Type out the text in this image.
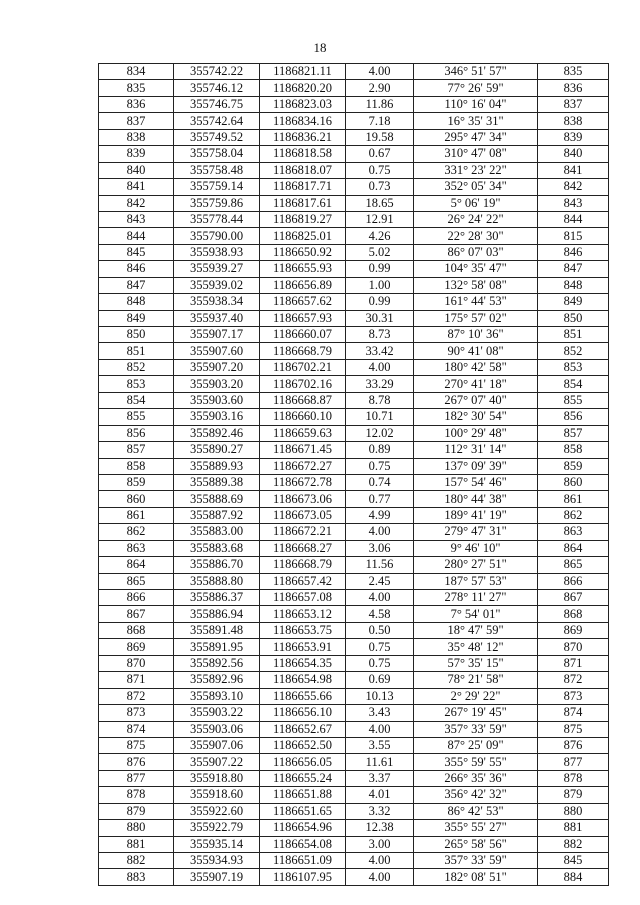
18
834	355742.22	1186821.11	4.00	346° 51' 57"	835
835	355746.12	1186820.20	2.90	77° 26' 59"	836
836	355746.75	1186823.03	11.86	110° 16' 04"	837
837	355742.64	1186834.16	7.18	16° 35' 31"	838
838	355749.52	1186836.21	19.58	295° 47' 34"	839
839	355758.04	1186818.58	0.67	310° 47' 08"	840
840	355758.48	1186818.07	0.75	331° 23' 22"	841
841	355759.14	1186817.71	0.73	352° 05' 34"	842
842	355759.86	1186817.61	18.65	5° 06' 19"	843
843	355778.44	1186819.27	12.91	26° 24' 22"	844
844	355790.00	1186825.01	4.26	22° 28' 30"	815
845	355938.93	1186650.92	5.02	86° 07' 03"	846
846	355939.27	1186655.93	0.99	104° 35' 47"	847
847	355939.02	1186656.89	1.00	132° 58' 08"	848
848	355938.34	1186657.62	0.99	161° 44' 53"	849
849	355937.40	1186657.93	30.31	175° 57' 02"	850
850	355907.17	1186660.07	8.73	87° 10' 36"	851
851	355907.60	1186668.79	33.42	90° 41' 08"	852
852	355907.20	1186702.21	4.00	180° 42' 58"	853
853	355903.20	1186702.16	33.29	270° 41' 18"	854
854	355903.60	1186668.87	8.78	267° 07' 40"	855
855	355903.16	1186660.10	10.71	182° 30' 54"	856
856	355892.46	1186659.63	12.02	100° 29' 48"	857
857	355890.27	1186671.45	0.89	112° 31' 14"	858
858	355889.93	1186672.27	0.75	137° 09' 39"	859
859	355889.38	1186672.78	0.74	157° 54' 46"	860
860	355888.69	1186673.06	0.77	180° 44' 38"	861
861	355887.92	1186673.05	4.99	189° 41' 19"	862
862	355883.00	1186672.21	4.00	279° 47' 31"	863
863	355883.68	1186668.27	3.06	9° 46' 10"	864
864	355886.70	1186668.79	11.56	280° 27' 51"	865
865	355888.80	1186657.42	2.45	187° 57' 53"	866
866	355886.37	1186657.08	4.00	278° 11' 27"	867
867	355886.94	1186653.12	4.58	7° 54' 01"	868
868	355891.48	1186653.75	0.50	18° 47' 59"	869
869	355891.95	1186653.91	0.75	35° 48' 12"	870
870	355892.56	1186654.35	0.75	57° 35' 15"	871
871	355892.96	1186654.98	0.69	78° 21' 58"	872
872	355893.10	1186655.66	10.13	2° 29' 22"	873
873	355903.22	1186656.10	3.43	267° 19' 45"	874
874	355903.06	1186652.67	4.00	357° 33' 59"	875
875	355907.06	1186652.50	3.55	87° 25' 09"	876
876	355907.22	1186656.05	11.61	355° 59' 55"	877
877	355918.80	1186655.24	3.37	266° 35' 36"	878
878	355918.60	1186651.88	4.01	356° 42' 32"	879
879	355922.60	1186651.65	3.32	86° 42' 53"	880
880	355922.79	1186654.96	12.38	355° 55' 27"	881
881	355935.14	1186654.08	3.00	265° 58' 56"	882
882	355934.93	1186651.09	4.00	357° 33' 59"	845
883	355907.19	1186107.95	4.00	182° 08' 51"	884
